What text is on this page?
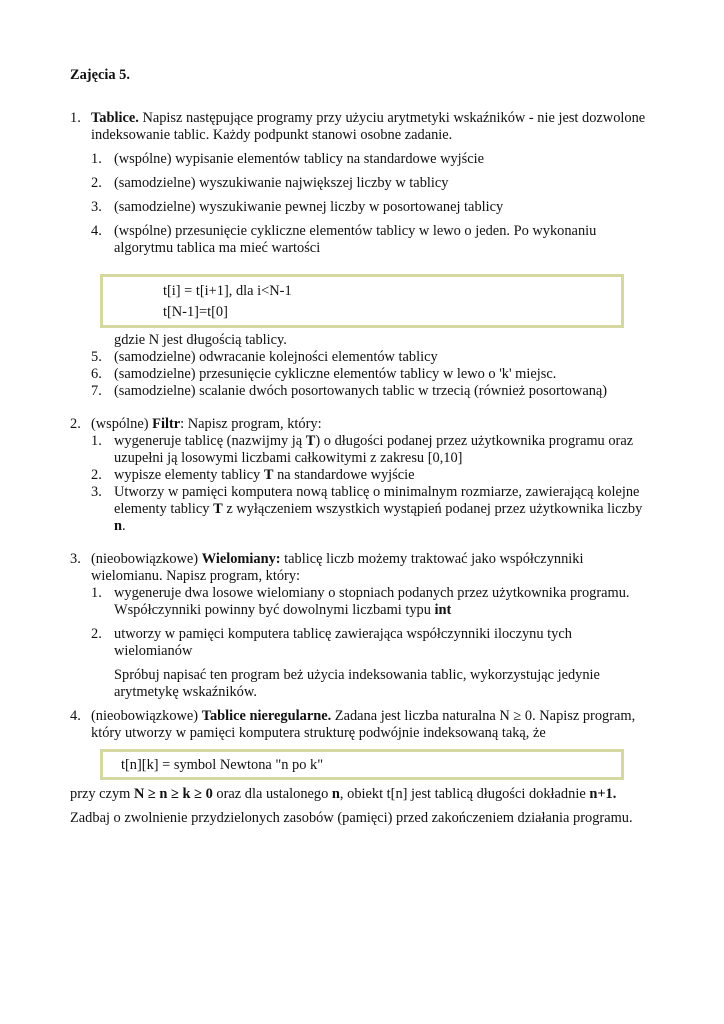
Zajęcia 5.

1. Tablice. Napisz następujące programy przy użyciu arytmetyki wskaźników - nie jest dozwolone

indeksowanie tablic. Każdy podpunkt stanowi osobne zadanie.

1. (wspólne) wypisanie elementów tablicy na standardowe wyjście

2. (samodzielne) wyszukiwanie największej liczby w tablicy

3. (samodzielne) wyszukiwanie pewnej liczby w posortowanej tablicy

4. (wspólne) przesunięcie cykliczne elementów tablicy w lewo o jeden. Po wykonaniu

algorytmu tablica ma mieć wartości

t[i] = t[i+1], dla i<N-1

t[N-1]=t[0]

gdzie N jest długością tablicy.

5. (samodzielne) odwracanie kolejności elementów tablicy

6. (samodzielne) przesunięcie cykliczne elementów tablicy w lewo o 'k' miejsc.

7. (samodzielne) scalanie dwóch posortowanych tablic w trzecią (również posortowaną)

2. (wspólne) Filtr: Napisz program, który:

1. wygeneruje tablicę (nazwijmy ją T) o długości podanej przez użytkownika programu oraz

uzupełni ją losowymi liczbami całkowitymi z zakresu [0,10]

2. wypisze elementy tablicy T na standardowe wyjście

3. Utworzy w pamięci komputera nową tablicę o minimalnym rozmiarze, zawierającą kolejne

elementy tablicy T z wyłączeniem wszystkich wystąpień podanej przez użytkownika liczby

n.

3. (nieobowiązkowe) Wielomiany: tablicę liczb możemy traktować jako współczynniki

wielomianu. Napisz program, który:

1. wygeneruje dwa losowe wielomiany o stopniach podanych przez użytkownika programu.

Współczynniki powinny być dowolnymi liczbami typu int

2. utworzy w pamięci komputera tablicę zawierająca współczynniki iloczynu tych

wielomianów

Spróbuj napisać ten program beż użycia indeksowania tablic, wykorzystując jedynie

arytmetykę wskaźników.

4. (nieobowiązkowe) Tablice nieregularne. Zadana jest liczba naturalna N ≥ 0. Napisz program,

który utworzy w pamięci komputera strukturę podwójnie indeksowaną taką, że

t[n][k] = symbol Newtona "n po k"

przy czym N ≥ n ≥ k ≥ 0 oraz dla ustalonego n, obiekt t[n] jest tablicą długości dokładnie n+1.

Zadbaj o zwolnienie przydzielonych zasobów (pamięci) przed zakończeniem działania programu.
